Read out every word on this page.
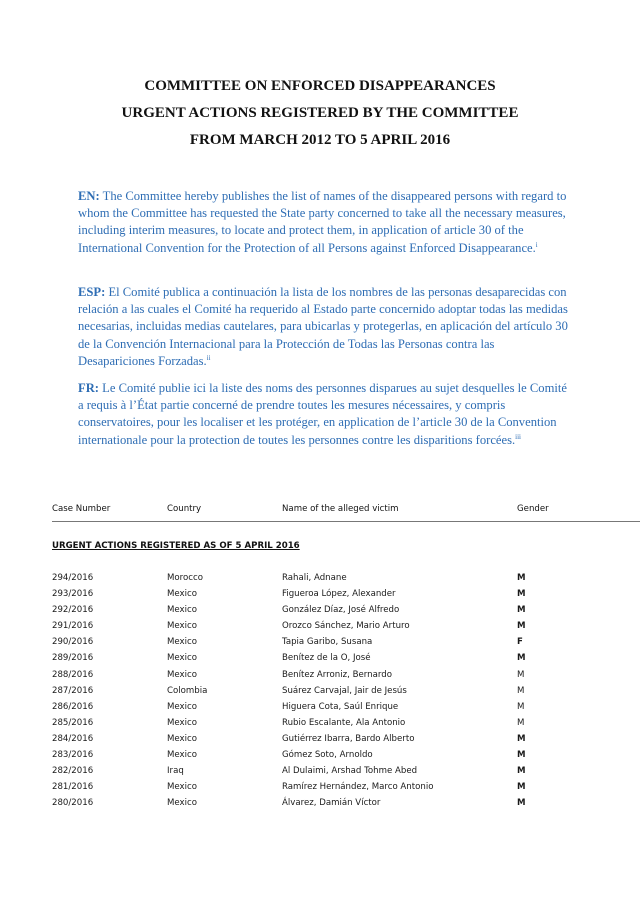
COMMITTEE ON ENFORCED DISAPPEARANCES
URGENT ACTIONS REGISTERED BY THE COMMITTEE
FROM MARCH 2012 TO 5 APRIL 2016

EN: The Committee hereby publishes the list of names of the disappeared persons with regard to whom the Committee has requested the State party concerned to take all the necessary measures, including interim measures, to locate and protect them, in application of article 30 of the International Convention for the Protection of all Persons against Enforced Disappearance.$^i$

ESP: El Comité publica a continuación la lista de los nombres de las personas desaparecidas con relación a las cuales el Comité ha requerido al Estado parte concernido adoptar todas las medidas necesarias, incluidas medias cautelares, para ubicarlas y protegerlas, en aplicación del artículo 30 de la Convención Internacional para la Protección de Todas las Personas contra las Desapariciones Forzadas.$^{ii}$

FR: Le Comité publie ici la liste des noms des personnes disparues au sujet desquelles le Comité a requis à l’État partie concerné de prendre toutes les mesures nécessaires, y compris conservatoires, pour les localiser et les protéger, en application de l’article 30 de la Convention internationale pour la protection de toutes les personnes contre les disparitions forcées.$^{iii}$

Case Number	Country	Name of the alleged victim	Gender
URGENT ACTIONS REGISTERED AS OF 5 APRIL 2016
294/2016	Morocco	Rahali, Adnane	M
293/2016	Mexico	Figueroa López, Alexander	M
292/2016	Mexico	González Díaz, José Alfredo	M
291/2016	Mexico	Orozco Sánchez, Mario Arturo	M
290/2016	Mexico	Tapia Garibo, Susana	F
289/2016	Mexico	Benítez de la O, José	M
288/2016	Mexico	Benítez Arroniz, Bernardo	M
287/2016	Colombia	Suárez Carvajal, Jair de Jesús	M
286/2016	Mexico	Higuera Cota, Saúl Enrique	M
285/2016	Mexico	Rubio Escalante, Ala Antonio	M
284/2016	Mexico	Gutiérrez Ibarra, Bardo Alberto	M
283/2016	Mexico	Gómez Soto, Arnoldo	M
282/2016	Iraq	Al Dulaimi, Arshad Tohme Abed	M
281/2016	Mexico	Ramírez Hernández, Marco Antonio	M
280/2016	Mexico	Álvarez, Damián Víctor	M
